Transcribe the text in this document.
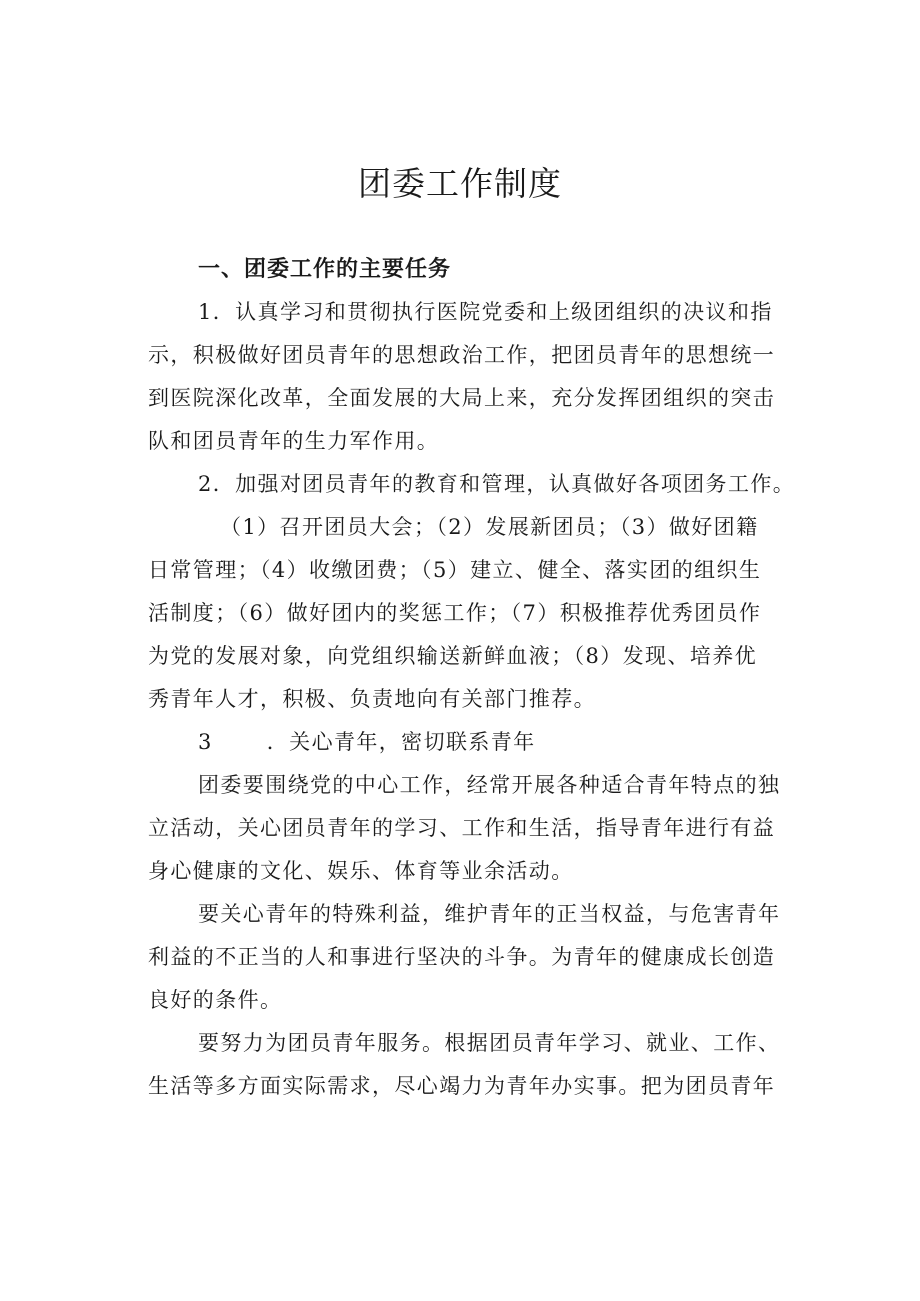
团委工作制度
一、团委工作的主要任务
1．认真学习和贯彻执行医院党委和上级团组织的决议和指
示，积极做好团员青年的思想政治工作，把团员青年的思想统一
到医院深化改革，全面发展的大局上来，充分发挥团组织的突击
队和团员青年的生力军作用。
2．加强对团员青年的教育和管理，认真做好各项团务工作。
（1）召开团员大会；（2）发展新团员；（3）做好团籍
日常管理；（4）收缴团费；（5）建立、健全、落实团的组织生
活制度；（6）做好团内的奖惩工作；（7）积极推荐优秀团员作
为党的发展对象，向党组织输送新鲜血液；（8）发现、培养优
秀青年人才，积极、负责地向有关部门推荐。
3	．关心青年，密切联系青年
团委要围绕党的中心工作，经常开展各种适合青年特点的独
立活动，关心团员青年的学习、工作和生活，指导青年进行有益
身心健康的文化、娱乐、体育等业余活动。
要关心青年的特殊利益，维护青年的正当权益，与危害青年
利益的不正当的人和事进行坚决的斗争。为青年的健康成长创造
良好的条件。
要努力为团员青年服务。根据团员青年学习、就业、工作、
生活等多方面实际需求，尽心竭力为青年办实事。把为团员青年
